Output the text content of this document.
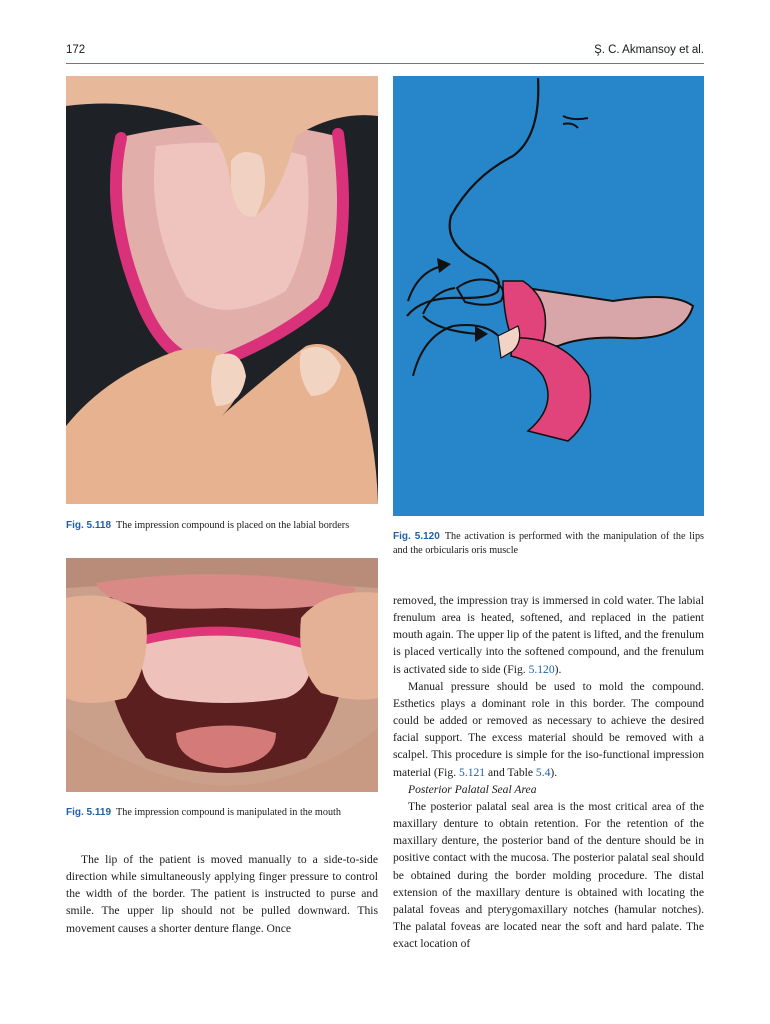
172	Ş. C. Akmansoy et al.
Fig. 5.118 The impression compound is placed on the labial borders
Fig. 5.120 The activation is performed with the manipulation of the lips and the orbicularis oris muscle
Fig. 5.119 The impression compound is manipulated in the mouth

The lip of the patient is moved manually to a side-to-side direction while simultaneously applying finger pressure to control the width of the border. The patient is instructed to purse and smile. The upper lip should not be pulled downward. This movement causes a shorter denture flange. Once

removed, the impression tray is immersed in cold water. The labial frenulum area is heated, softened, and replaced in the patient mouth again. The upper lip of the patent is lifted, and the frenulum is placed vertically into the softened compound, and the frenulum is activated side to side (Fig. 5.120).

Manual pressure should be used to mold the compound. Esthetics plays a dominant role in this border. The compound could be added or removed as necessary to achieve the desired facial support. The excess material should be removed with a scalpel. This procedure is simple for the iso-functional impression material (Fig. 5.121 and Table 5.4).

Posterior Palatal Seal Area

The posterior palatal seal area is the most critical area of the maxillary denture to obtain retention. For the retention of the maxillary denture, the posterior band of the denture should be in positive contact with the mucosa. The posterior palatal seal should be obtained during the border molding procedure. The distal extension of the maxillary denture is obtained with locating the palatal foveas and pterygomaxillary notches (hamular notches). The palatal foveas are located near the soft and hard palate. The exact location of
